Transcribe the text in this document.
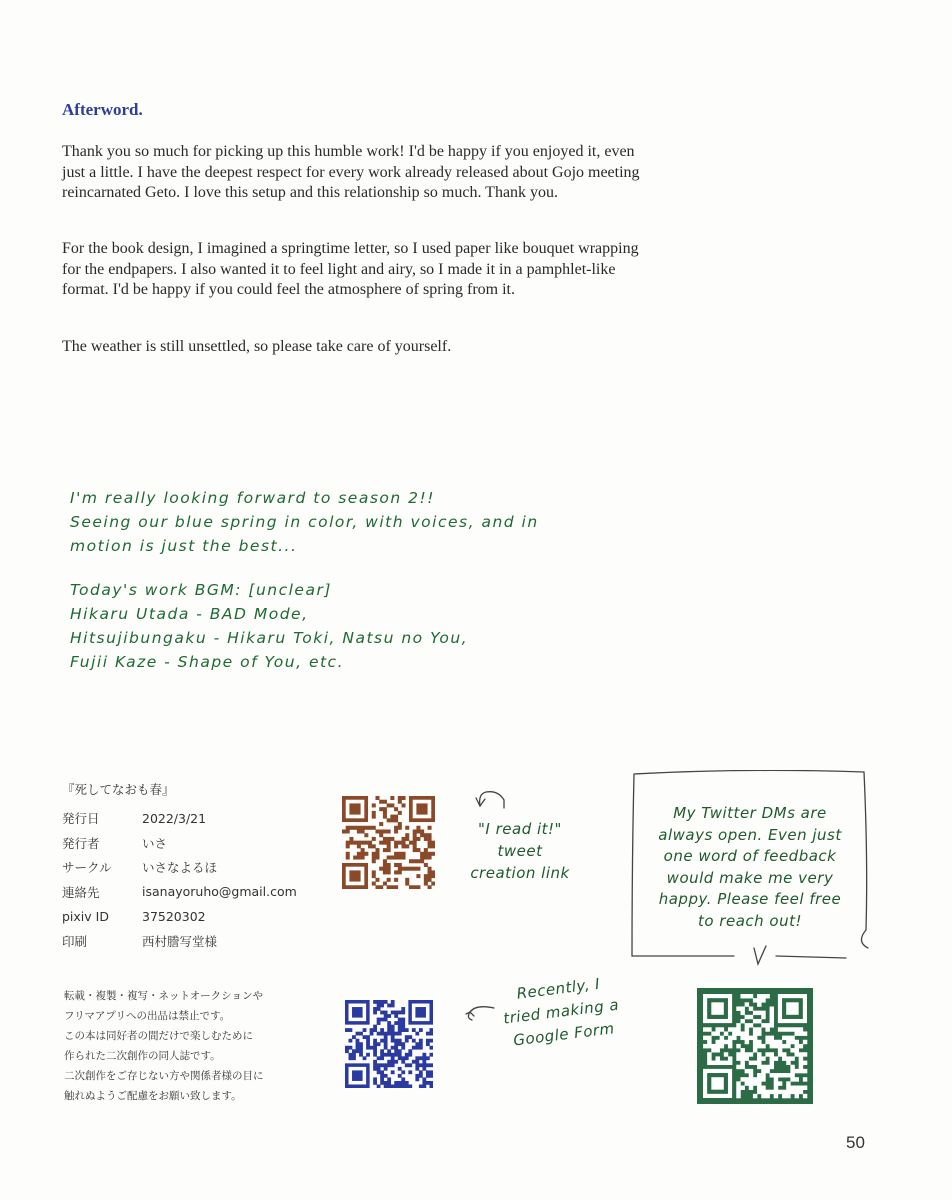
Afterword.

Thank you so much for picking up this humble work! I'd be happy if you enjoyed it, even just a little. I have the deepest respect for every work already released about Gojo meeting reincarnated Geto. I love this setup and this relationship so much. Thank you.

For the book design, I imagined a springtime letter, so I used paper like bouquet wrapping for the endpapers. I also wanted it to feel light and airy, so I made it in a pamphlet-like format. I'd be happy if you could feel the atmosphere of spring from it.

The weather is still unsettled, so please take care of yourself.

I'm really looking forward to season 2!!
Seeing our blue spring in color, with voices, and in
motion is just the best...
Today's work BGM: [unclear]
Hikaru Utada - BAD Mode,
Hitsujibungaku - Hikaru Toki, Natsu no You,
Fujii Kaze - Shape of You, etc.
『死してなおも春』
発行日	2022/3/21
発行者	いさ
サークル	いさなよるほ
連絡先	isanayoruho@gmail.com
pixiv ID	37520302
印刷	西村謄写堂様
転載・複製・複写・ネットオークションや
フリマアプリへの出品は禁止です。
この本は同好者の間だけで楽しむために
作られた二次創作の同人誌です。
二次創作をご存じない方や関係者様の目に
触れぬようご配慮をお願い致します。
"I read it!"
tweet
creation link
Recently, I
tried making a
Google Form
My Twitter DMs are
always open. Even just
one word of feedback
would make me very
happy. Please feel free
to reach out!
50
